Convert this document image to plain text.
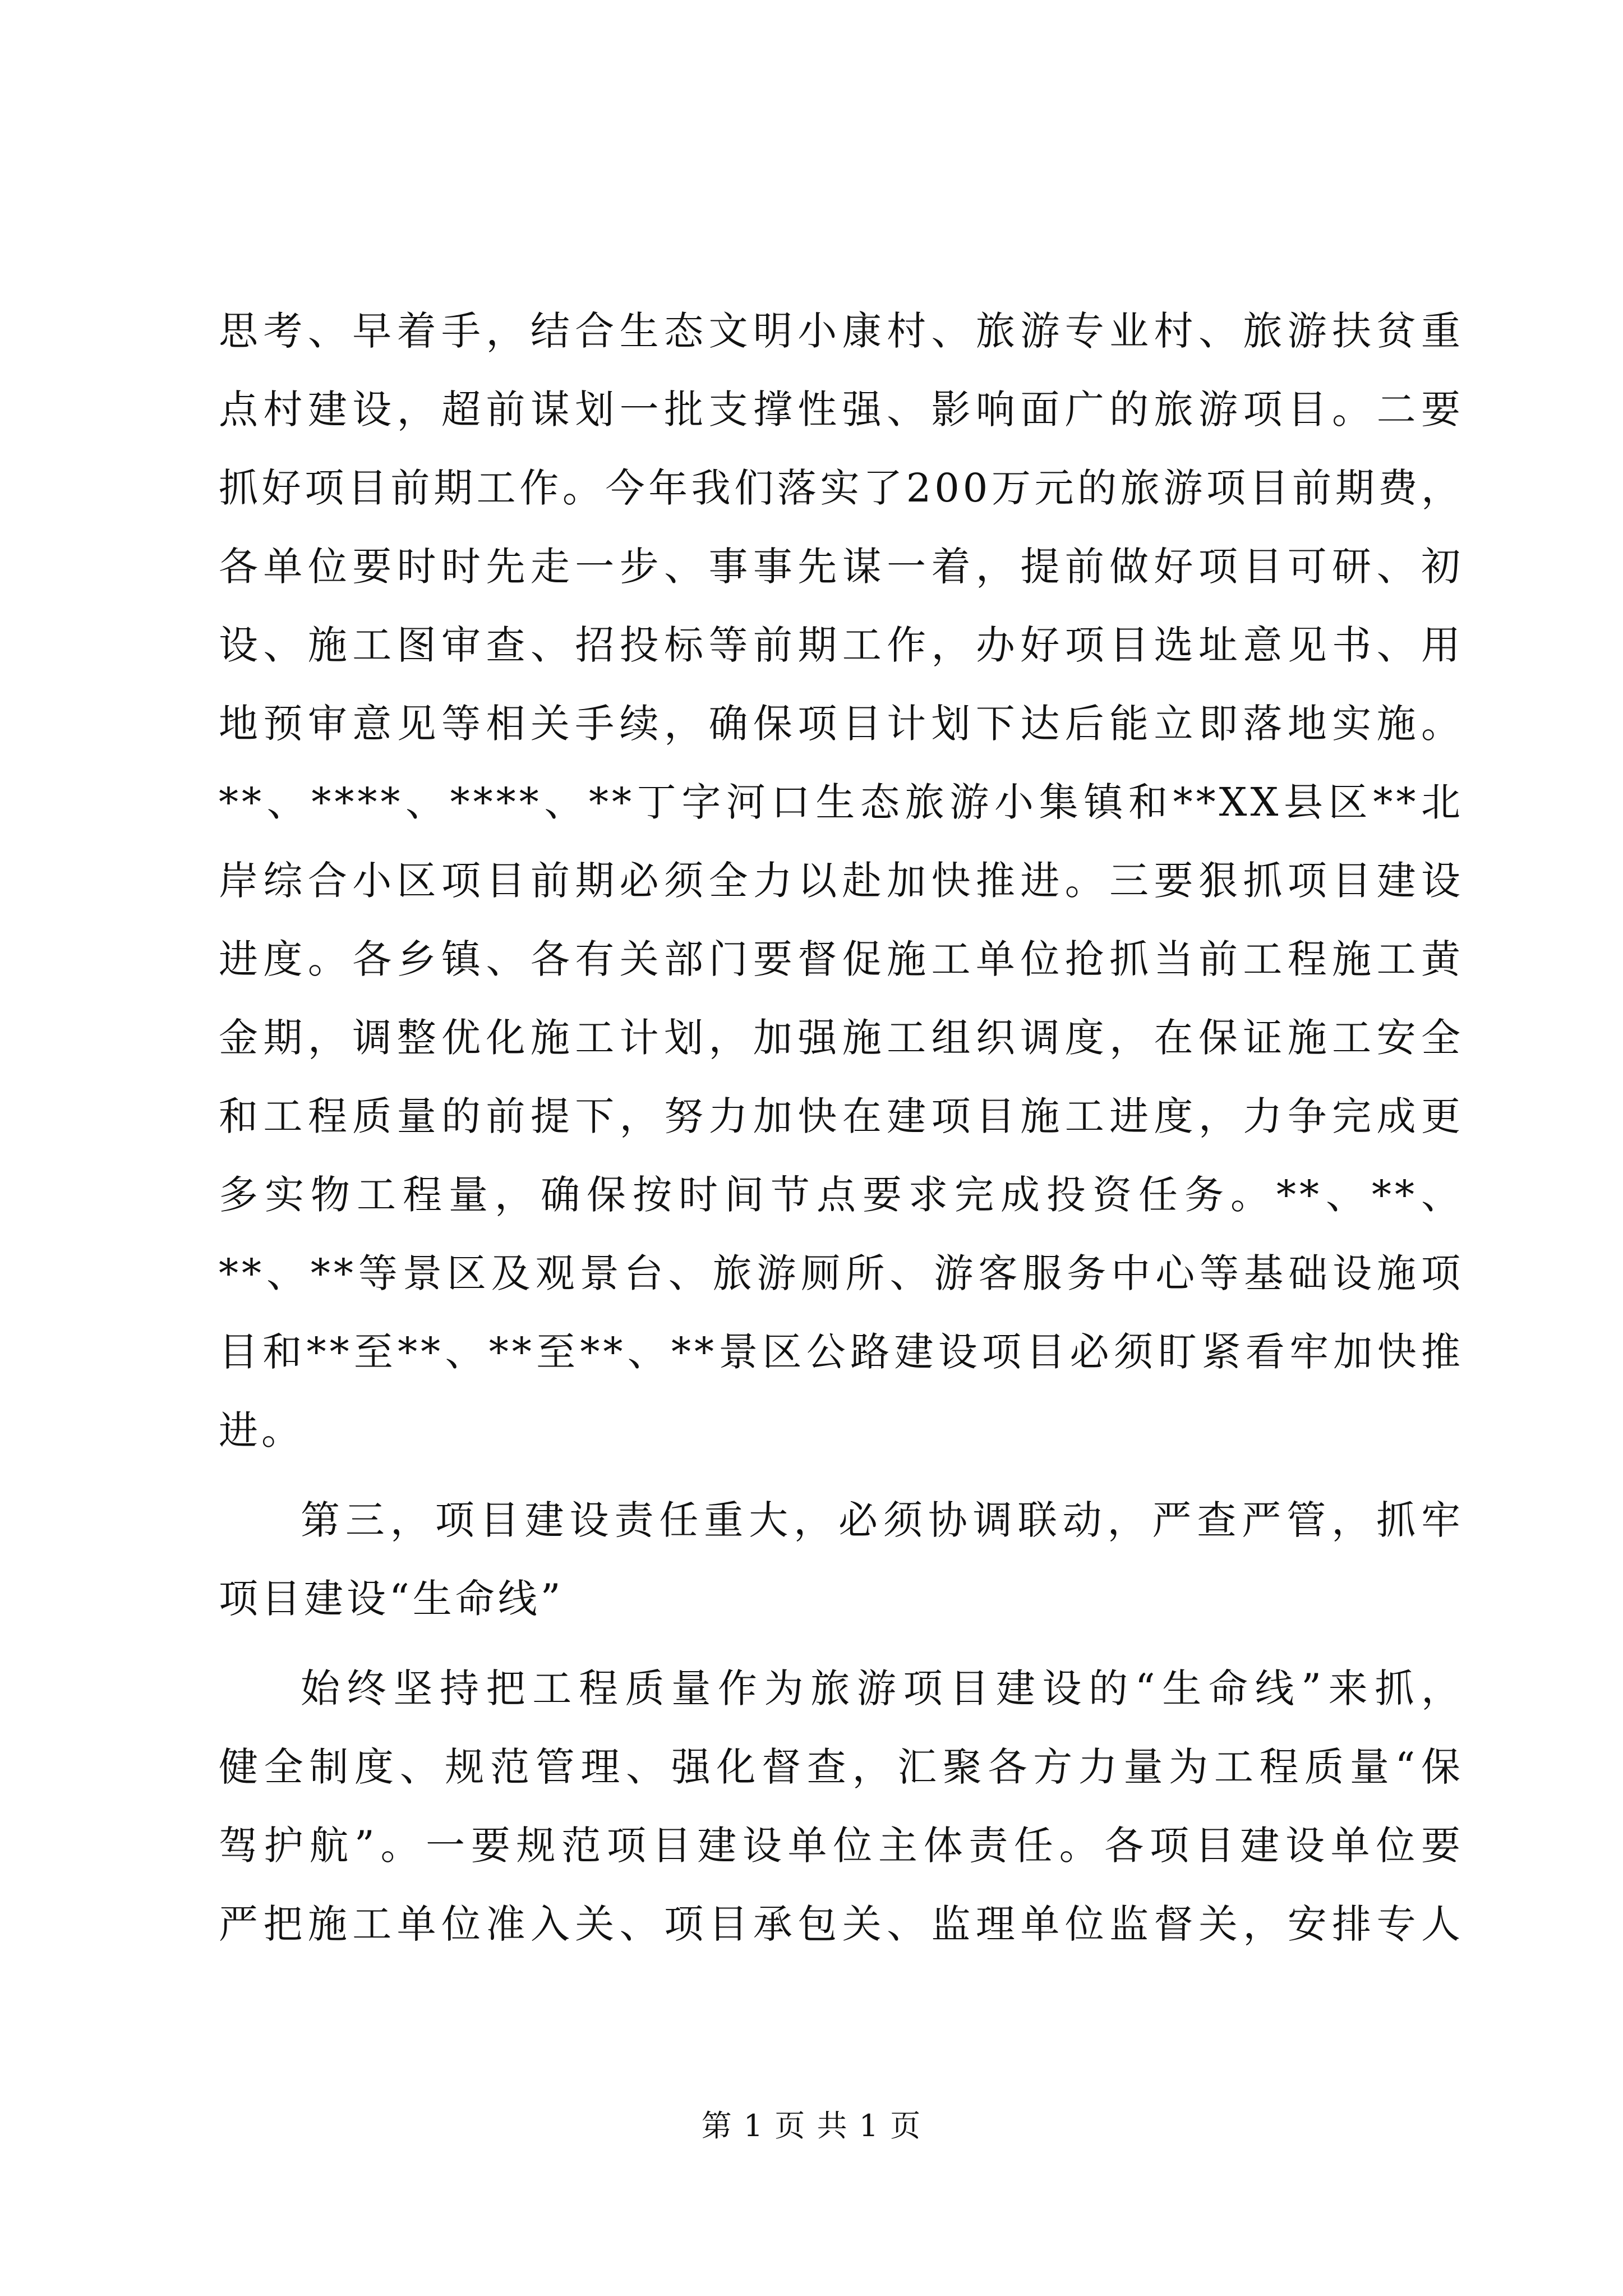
思考、早着手，结合生态文明小康村、旅游专业村、旅游扶贫重
点村建设，超前谋划一批支撑性强、影响面广的旅游项目。二要
抓好项目前期工作。今年我们落实了200万元的旅游项目前期费，
各单位要时时先走一步、事事先谋一着，提前做好项目可研、初
设、施工图审查、招投标等前期工作，办好项目选址意见书、用
地预审意见等相关手续，确保项目计划下达后能立即落地实施。
**、****、****、**丁字河口生态旅游小集镇和**XX县区**北
岸综合小区项目前期必须全力以赴加快推进。三要狠抓项目建设
进度。各乡镇、各有关部门要督促施工单位抢抓当前工程施工黄
金期，调整优化施工计划，加强施工组织调度，在保证施工安全
和工程质量的前提下，努力加快在建项目施工进度，力争完成更
多实物工程量，确保按时间节点要求完成投资任务。**、**、
**、**等景区及观景台、旅游厕所、游客服务中心等基础设施项
目和**至**、**至**、**景区公路建设项目必须盯紧看牢加快推
进。
第三，项目建设责任重大，必须协调联动，严查严管，抓牢
项目建设“生命线”
始终坚持把工程质量作为旅游项目建设的“生命线”来抓，
健全制度、规范管理、强化督查，汇聚各方力量为工程质量“保
驾护航”。一要规范项目建设单位主体责任。各项目建设单位要
严把施工单位准入关、项目承包关、监理单位监督关，安排专人
第 1 页 共 1 页
